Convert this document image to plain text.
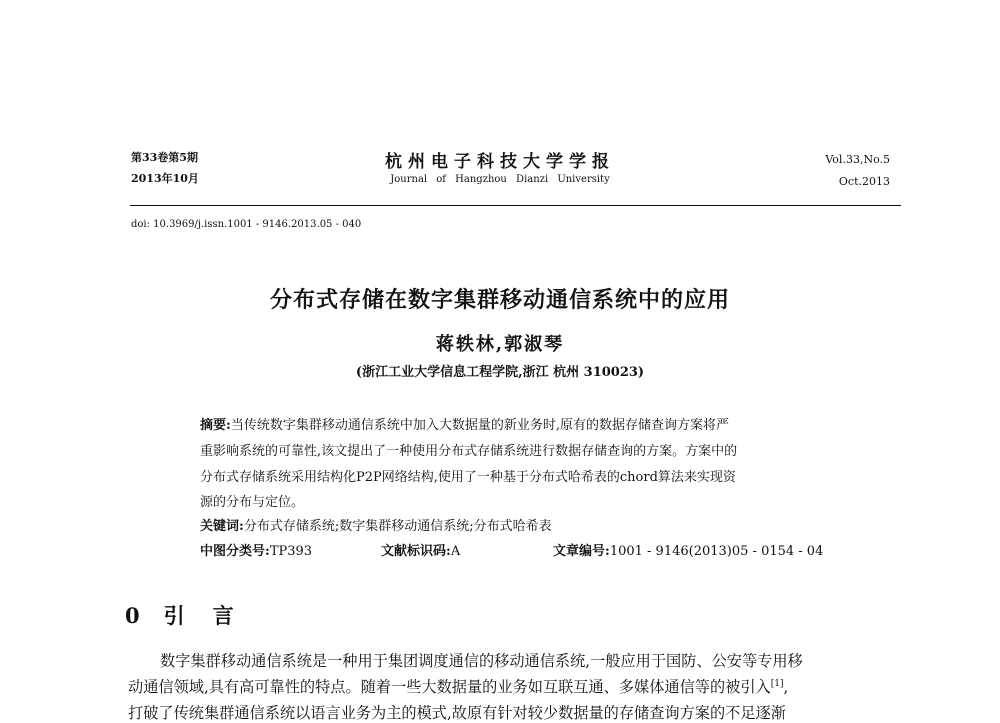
第33卷第5期
2013年10月
杭州电子科技大学学报
Journal of Hangzhou Dianzi University
Vol.33,No.5
Oct.2013
doi: 10.3969/j.issn.1001 - 9146.2013.05 - 040
分布式存储在数字集群移动通信系统中的应用
蒋轶林,郭淑琴
(浙江工业大学信息工程学院,浙江 杭州 310023)
摘要:当传统数字集群移动通信系统中加入大数据量的新业务时,原有的数据存储查询方案将严
重影响系统的可靠性,该文提出了一种使用分布式存储系统进行数据存储查询的方案。方案中的
分布式存储系统采用结构化P2P网络结构,使用了一种基于分布式哈希表的chord算法来实现资
源的分布与定位。
关键词:分布式存储系统;数字集群移动通信系统;分布式哈希表
中图分类号:TP393	文献标识码:A	文章编号:1001 - 9146(2013)05 - 0154 - 04
0 引言
数字集群移动通信系统是一种用于集团调度通信的移动通信系统,一般应用于国防、公安等专用移
动通信领域,具有高可靠性的特点。随着一些大数据量的业务如互联互通、多媒体通信等的被引入[1],
打破了传统集群通信系统以语言业务为主的模式,故原有针对较少数据量的存储查询方案的不足逐渐
